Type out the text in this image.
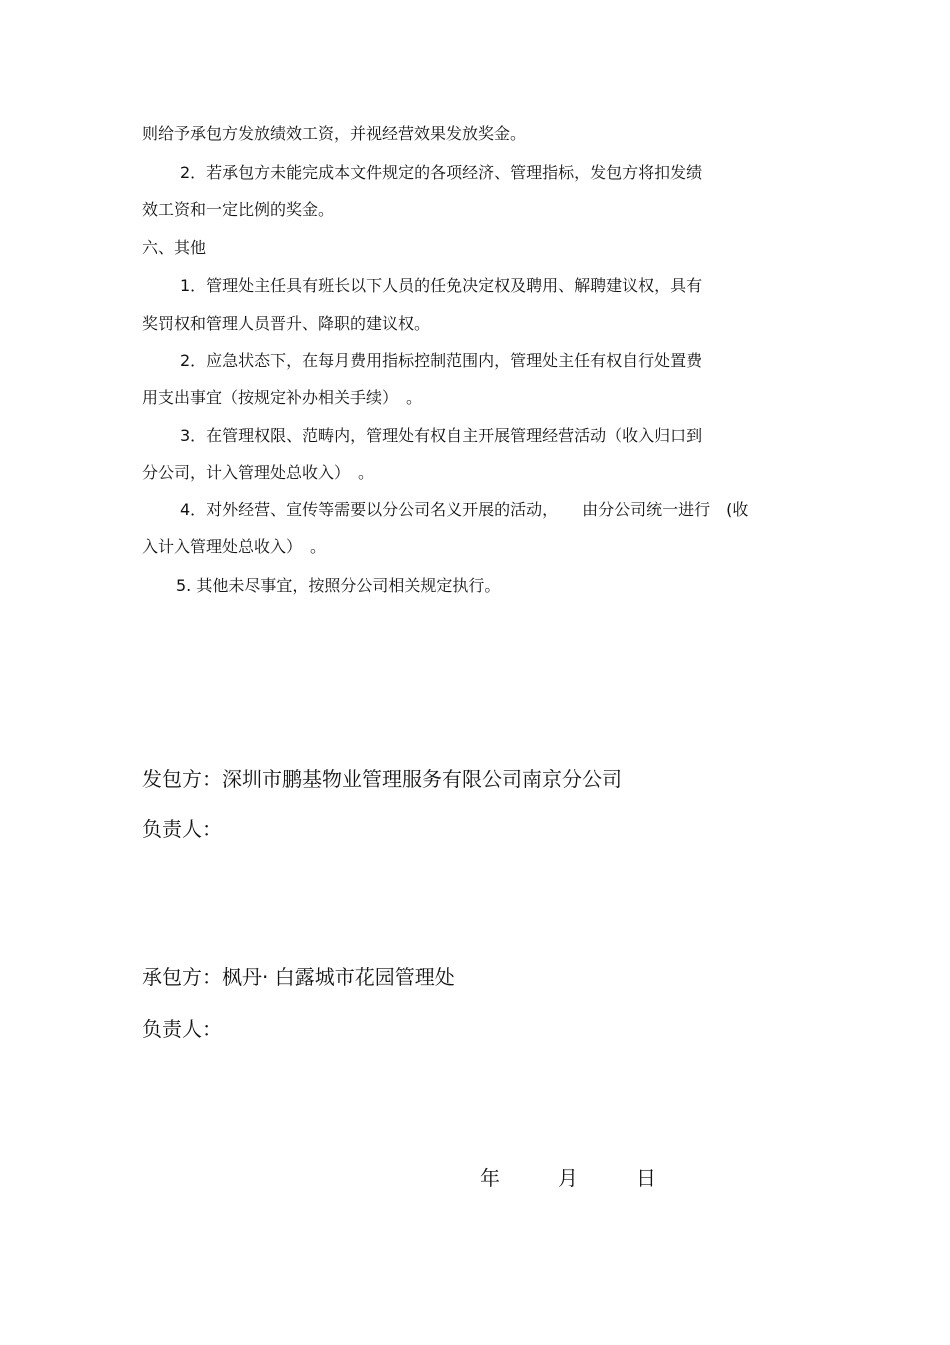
则给予承包方发放绩效工资，并视经营效果发放奖金。
2．若承包方未能完成本文件规定的各项经济、管理指标，发包方将扣发绩
效工资和一定比例的奖金。
六、其他
1．管理处主任具有班长以下人员的任免决定权及聘用、解聘建议权，具有
奖罚权和管理人员晋升、降职的建议权。
2．应急状态下，在每月费用指标控制范围内，管理处主任有权自行处置费
用支出事宜（按规定补办相关手续）　。
3．在管理权限、范畴内，管理处有权自主开展管理经营活动（收入归口到
分公司，计入管理处总收入）　。
4．对外经营、宣传等需要以分公司名义开展的活动，　　由分公司统一进行　(收
入计入管理处总收入）　。
5. 其他未尽事宜，按照分公司相关规定执行。
发包方：深圳市鹏基物业管理服务有限公司南京分公司
负责人：
承包方：枫丹· 白露城市花园管理处
负责人：
年	月	日
